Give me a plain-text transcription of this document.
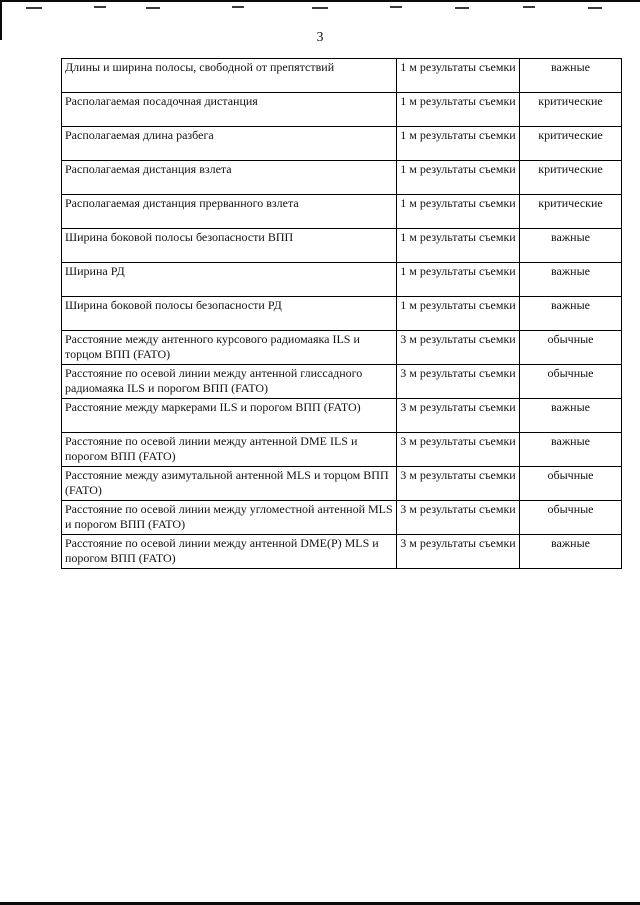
3
Длины и ширина полосы, свободной от препятствий	1 м результаты съемки	важные
Располагаемая посадочная дистанция	1 м результаты съемки	критические
Располагаемая длина разбега	1 м результаты съемки	критические
Располагаемая дистанция взлета	1 м результаты съемки	критические
Располагаемая дистанция прерванного взлета	1 м результаты съемки	критические
Ширина боковой полосы безопасности ВПП	1 м результаты съемки	важные
Ширина РД	1 м результаты съемки	важные
Ширина боковой полосы безопасности РД	1 м результаты съемки	важные
Расстояние между антенного курсового радиомаяка ILS и торцом ВПП (FATO)	3 м результаты съемки	обычные
Расстояние по осевой линии между антенной глиссадного радиомаяка ILS и порогом ВПП (FATO)	3 м результаты съемки	обычные
Расстояние между маркерами ILS и порогом ВПП (FATO)	3 м результаты съемки	важные
Расстояние по осевой линии между антенной DME ILS и порогом ВПП (FATO)	3 м результаты съемки	важные
Расстояние между азимутальной антенной MLS и торцом ВПП (FATO)	3 м результаты съемки	обычные
Расстояние по осевой линии между угломестной антенной MLS и порогом ВПП (FATO)	3 м результаты съемки	обычные
Расстояние по осевой линии между антенной DME(P) MLS и порогом ВПП (FATO)	3 м результаты съемки	важные
